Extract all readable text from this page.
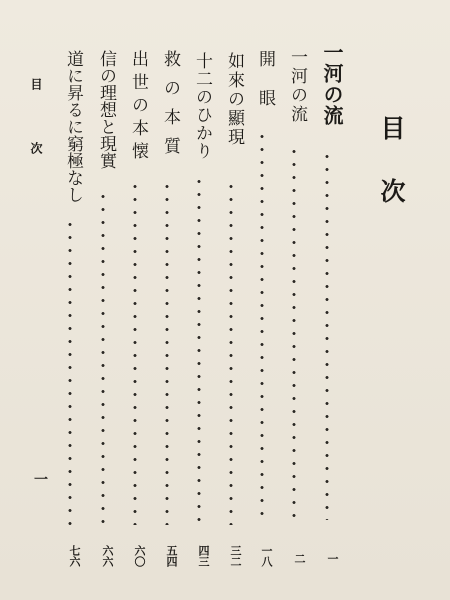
目次
一河の流
一
一河の流
二
開眼
一八
如來の顯現
三二
十二のひかり
四三
救の本質
五四
出世の本懐
六〇
信の理想と現實
六六
道に昇るに窮極なし
七六
目次
一
